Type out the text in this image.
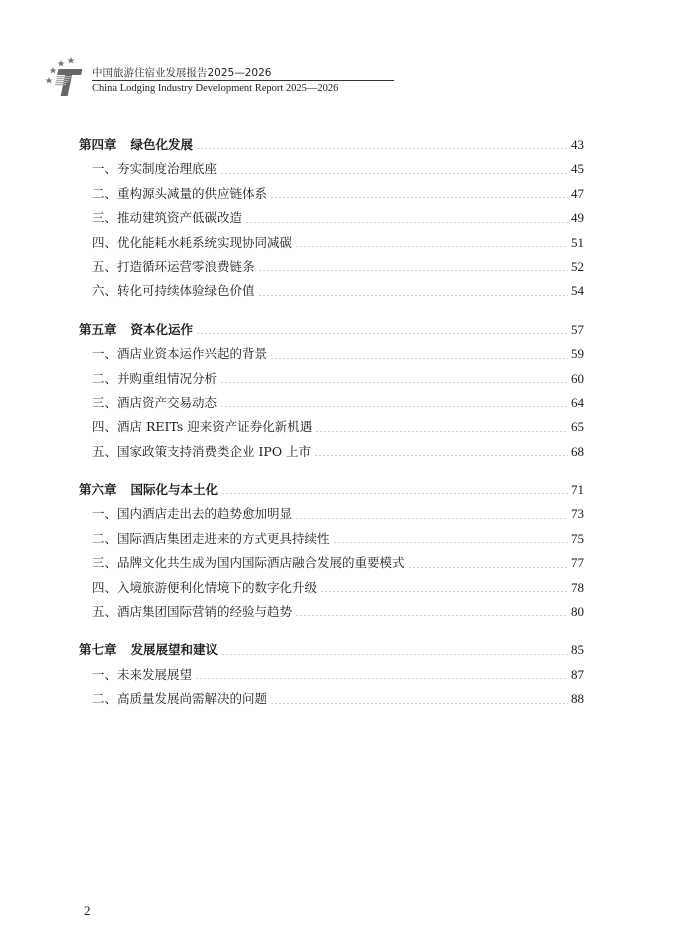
中国旅游住宿业发展报告2025—2026
China Lodging Industry Development Report 2025—2026
第四章 绿色化发展	43
一、夯实制度治理底座	45
二、重构源头减量的供应链体系	47
三、推动建筑资产低碳改造	49
四、优化能耗水耗系统实现协同减碳	51
五、打造循环运营零浪费链条	52
六、转化可持续体验绿色价值	54
第五章 资本化运作	57
一、酒店业资本运作兴起的背景	59
二、并购重组情况分析	60
三、酒店资产交易动态	64
四、酒店 REITs 迎来资产证券化新机遇	65
五、国家政策支持消费类企业 IPO 上市	68
第六章 国际化与本土化	71
一、国内酒店走出去的趋势愈加明显	73
二、国际酒店集团走进来的方式更具持续性	75
三、品牌文化共生成为国内国际酒店融合发展的重要模式	77
四、入境旅游便利化情境下的数字化升级	78
五、酒店集团国际营销的经验与趋势	80
第七章 发展展望和建议	85
一、未来发展展望	87
二、高质量发展尚需解决的问题	88
2
